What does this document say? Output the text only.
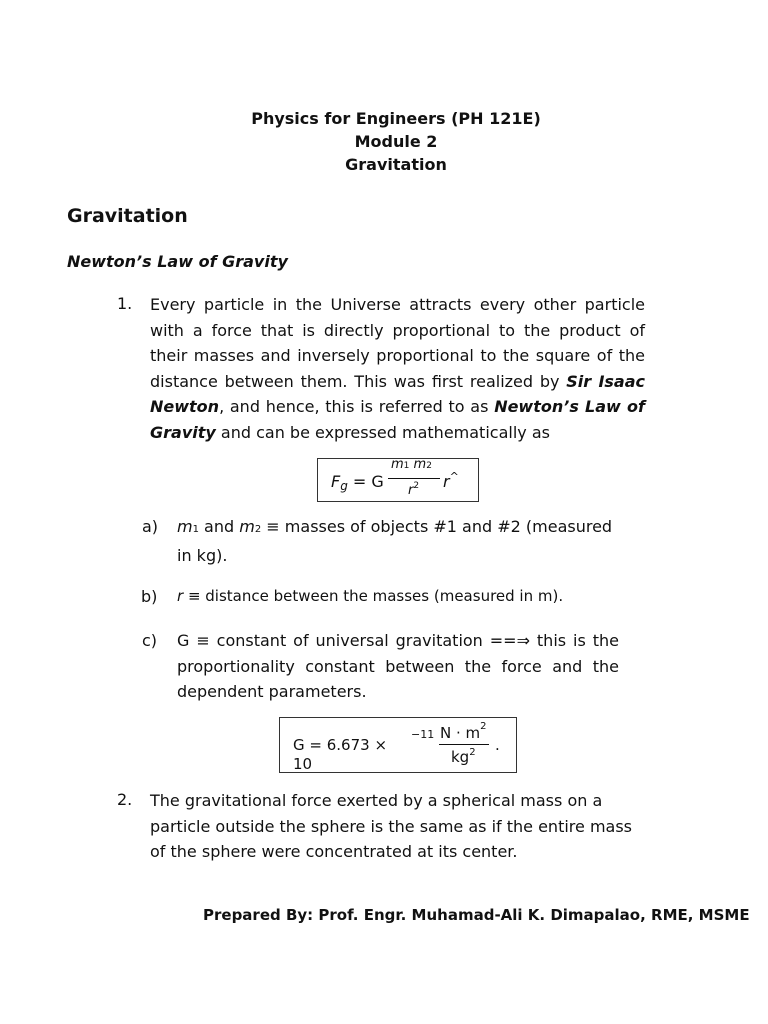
Physics for Engineers (PH 121E)
Module 2
Gravitation
Gravitation
Newton’s Law of Gravity
1. Every particle in the Universe attracts every other particle with a force that is directly proportional to the product of their masses and inversely proportional to the square of the distance between them. This was first realized by Sir Isaac Newton, and hence, this is referred to as Newton’s Law of Gravity and can be expressed mathematically as
Fg = G
m1 m2
$r^2$ r^
a) m1 and m2 ≡ masses of objects #1 and #2 (measured in kg).
b) r ≡ distance between the masses (measured in m).
c) G ≡ constant of universal gravitation ==⇒ this is the proportionality constant between the force and the dependent parameters.
G = 6.673 ×
10
−11 $N \cdot m^2$
$kg^2$ .
2. The gravitational force exerted by a spherical mass on a particle outside the sphere is the same as if the entire mass of the sphere were concentrated at its center.
Prepared By: Prof. Engr. Muhamad-Ali K. Dimapalao, RME, MSME
